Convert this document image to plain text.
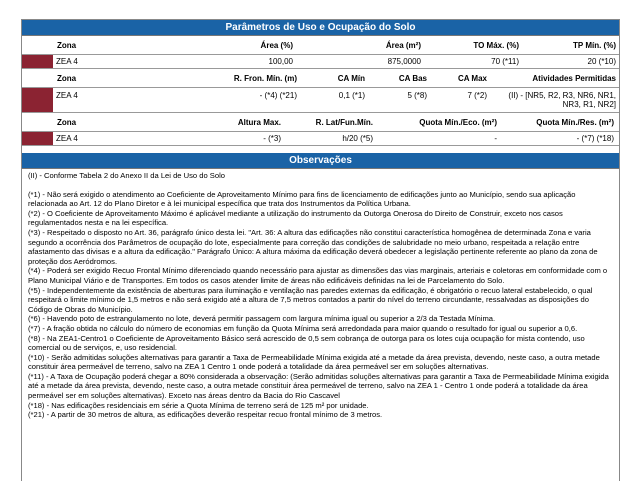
Parâmetros de Uso e Ocupação do Solo
Zona	Área (%)	Área (m²)	TO Máx. (%)	TP Mín. (%)
ZEA 4	100,00	875,0000	70 (*11)	20 (*10)
Zona	R. Fron. Mín. (m)	CA Mín	CA Bas	CA Max	Atividades Permitidas
ZEA 4	- (*4) (*21)	0,1 (*1)	5 (*8)	7 (*2)	(II) - [NR5, R2, R3, NR6, NR1,
NR3, R1, NR2]
Zona	Altura Max.	R. Lat/Fun.Mín.	Quota Mín./Eco. (m²)	Quota Mín./Res. (m²)
ZEA 4	- (*3)	h/20 (*5)	-	- (*7) (*18)
Observações

(II) - Conforme Tabela 2 do Anexo II da Lei de Uso do Solo

(*1) - Não será exigido o atendimento ao Coeficiente de Aproveitamento Mínimo para fins de licenciamento de edificações junto ao Município, sendo sua aplicação relacionada ao Art. 12 do Plano Diretor e à lei municipal específica que trata dos Instrumentos da Política Urbana.

(*2) - O Coeficiente de Aproveitamento Máximo é aplicável mediante a utilização do instrumento da Outorga Onerosa do Direito de Construir, exceto nos casos regulamentados nesta e na lei específica.

(*3) - Respeitado o disposto no Art. 36, parágrafo único desta lei. "Art. 36: A altura das edificações não constitui característica homogênea de determinada Zona e varia segundo a ocorrência dos Parâmetros de ocupação do lote, especialmente para correção das condições de salubridade no meio urbano, respeitada a relação entre afastamento das divisas e a altura da edificação." Parágrafo Único: A altura máxima da edificação deverá obedecer a legislação pertinente referente ao plano da zona de proteção dos Aeródromos.

(*4) - Poderá ser exigido Recuo Frontal Mínimo diferenciado quando necessário para ajustar as dimensões das vias marginais, arteriais e coletoras em conformidade com o Plano Municipal Viário e de Transportes. Em todos os casos atender limite de áreas não edificáveis definidas na lei de Parcelamento do Solo.

(*5) - Independentemente da existência de aberturas para iluminação e ventilação nas paredes externas da edificação, é obrigatório o recuo lateral estabelecido, o qual respeitará o limite mínimo de 1,5 metros e não será exigido até a altura de 7,5 metros contados a partir do nível do terreno circundante, ressalvadas as disposições do Código de Obras do Município.

(*6) - Havendo poto de estrangulamento no lote, deverá permitir passagem com largura mínima igual ou superior a 2/3 da Testada Mínima.

(*7) - A fração obtida no cálculo do número de economias em função da Quota Mínima será arredondada para maior quando o resultado for igual ou superior a 0,6.

(*8) - Na ZEA1-Centro1 o Coeficiente de Aproveitamento Básico será acrescido de 0,5 sem cobrança de outorga para os lotes cuja ocupação for mista contendo, uso comercial ou de serviços, e, uso residencial.

(*10) - Serão admitidas soluções alternativas para garantir a Taxa de Permeabilidade Mínima exigida até a metade da área prevista, devendo, neste caso, a outra metade constituir área permeável de terreno, salvo na ZEA 1 Centro 1 onde poderá a totalidade da área permeável ser em soluções alternativas.

(*11) - A Taxa de Ocupação poderá chegar a 80% considerada a observação: (Serão admitidas soluções alternativas para garantir a Taxa de Permeabilidade Mínima exigida até a metade da área prevista, devendo, neste caso, a outra metade constituir área permeável de terreno, salvo na ZEA 1 - Centro 1 onde poderá a totalidade da área permeável ser em soluções alternativas). Exceto nas áreas dentro da Bacia do Rio Cascavel

(*18) - Nas edificações residenciais em série a Quota Mínima de terreno será de 125 m² por unidade.

(*21) - A partir de 30 metros de altura, as edificações deverão respeitar recuo frontal mínimo de 3 metros.
